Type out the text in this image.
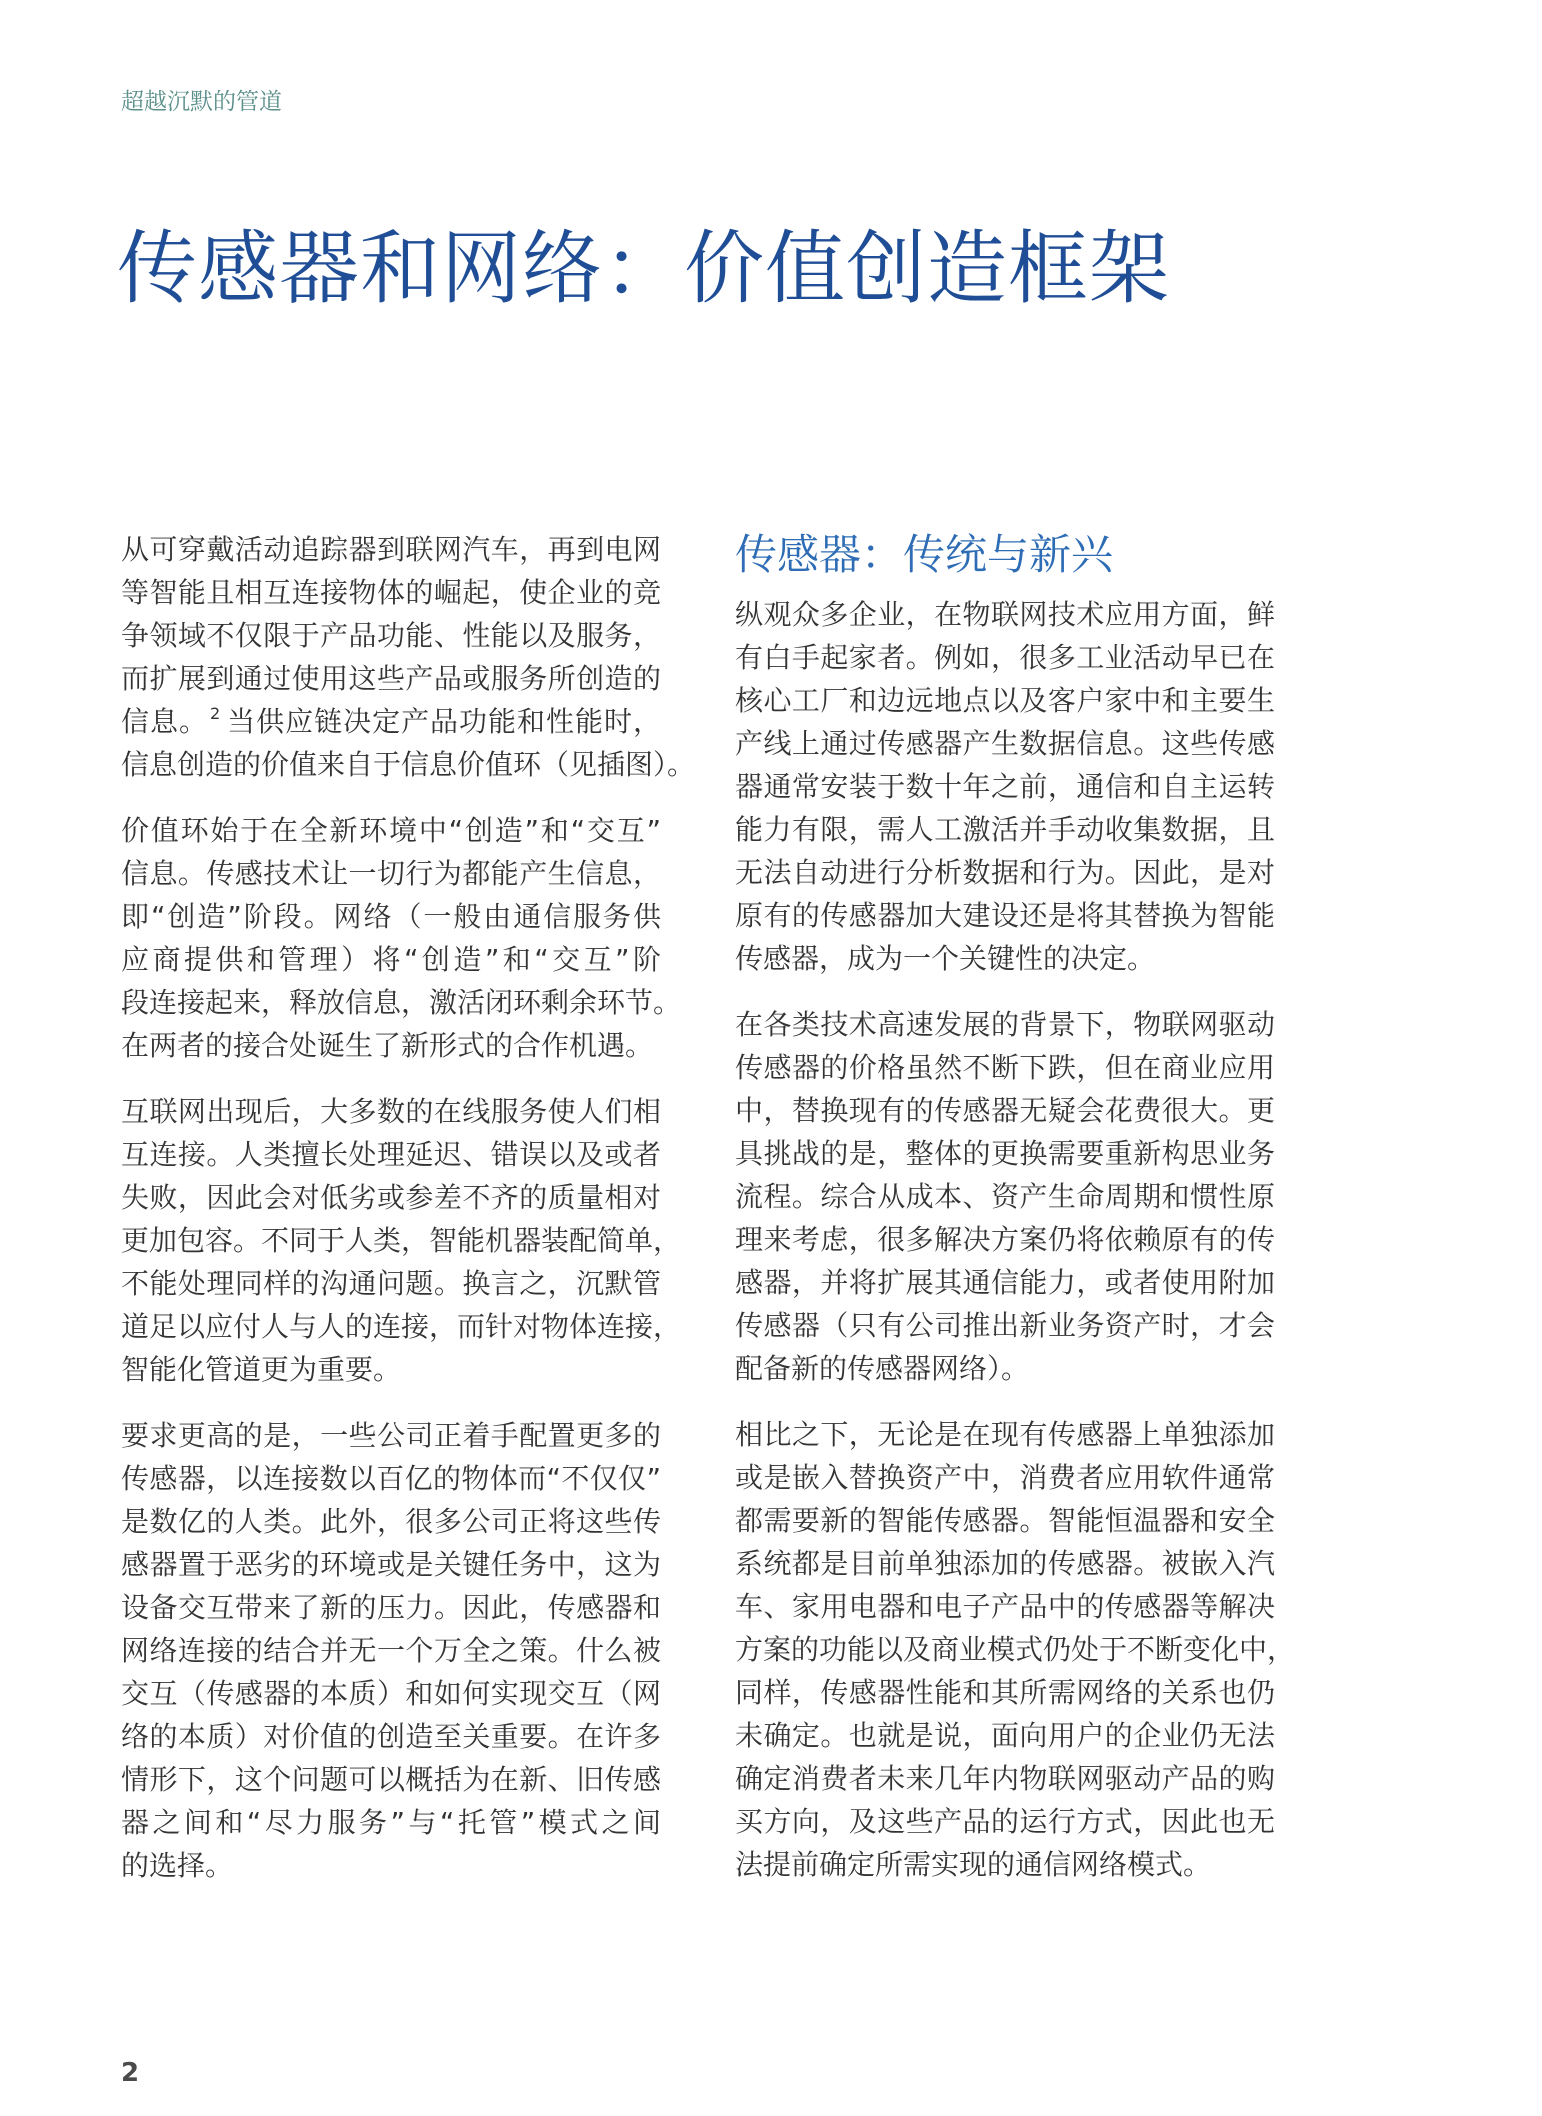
超越沉默的管道
传感器和网络：价值创造框架
从可穿戴活动追踪器到联网汽车，再到电网
等智能且相互连接物体的崛起，使企业的竞
争领域不仅限于产品功能、性能以及服务，
而扩展到通过使用这些产品或服务所创造的
信息。 $^2$ 当供应链决定产品功能和性能时，
信息创造的价值来自于信息价值环（见插图）。
价值环始于在全新环境中“创造”和“交互”
信息。传感技术让一切行为都能产生信息，
即“创造”阶段。网络（一般由通信服务供
应商提供和管理）将“创造”和“交互”阶
段连接起来，释放信息，激活闭环剩余环节。
在两者的接合处诞生了新形式的合作机遇。
互联网出现后，大多数的在线服务使人们相
互连接。人类擅长处理延迟、错误以及或者
失败，因此会对低劣或参差不齐的质量相对
更加包容。不同于人类，智能机器装配简单，
不能处理同样的沟通问题。换言之，沉默管
道足以应付人与人的连接，而针对物体连接，
智能化管道更为重要。
要求更高的是，一些公司正着手配置更多的
传感器，以连接数以百亿的物体而“不仅仅”
是数亿的人类。此外，很多公司正将这些传
感器置于恶劣的环境或是关键任务中，这为
设备交互带来了新的压力。因此，传感器和
网络连接的结合并无一个万全之策。什么被
交互（传感器的本质）和如何实现交互（网
络的本质）对价值的创造至关重要。在许多
情形下，这个问题可以概括为在新、旧传感
器之间和“尽力服务”与“托管”模式之间
的选择。
传感器：传统与新兴
纵观众多企业，在物联网技术应用方面，鲜
有白手起家者。例如，很多工业活动早已在
核心工厂和边远地点以及客户家中和主要生
产线上通过传感器产生数据信息。这些传感
器通常安装于数十年之前，通信和自主运转
能力有限，需人工激活并手动收集数据，且
无法自动进行分析数据和行为。因此，是对
原有的传感器加大建设还是将其替换为智能
传感器，成为一个关键性的决定。
在各类技术高速发展的背景下，物联网驱动
传感器的价格虽然不断下跌，但在商业应用
中，替换现有的传感器无疑会花费很大。更
具挑战的是，整体的更换需要重新构思业务
流程。综合从成本、资产生命周期和惯性原
理来考虑，很多解决方案仍将依赖原有的传
感器，并将扩展其通信能力，或者使用附加
传感器（只有公司推出新业务资产时，才会
配备新的传感器网络）。
相比之下，无论是在现有传感器上单独添加
或是嵌入替换资产中，消费者应用软件通常
都需要新的智能传感器。智能恒温器和安全
系统都是目前单独添加的传感器。被嵌入汽
车、家用电器和电子产品中的传感器等解决
方案的功能以及商业模式仍处于不断变化中，
同样，传感器性能和其所需网络的关系也仍
未确定。也就是说，面向用户的企业仍无法
确定消费者未来几年内物联网驱动产品的购
买方向，及这些产品的运行方式，因此也无
法提前确定所需实现的通信网络模式。
2
